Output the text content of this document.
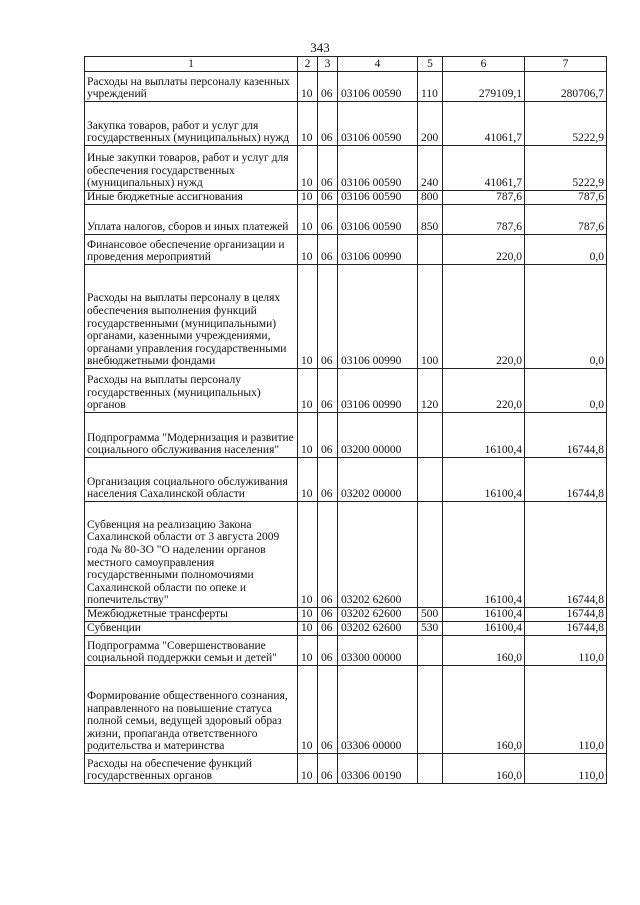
343
1	2	3	4	5	6	7
Расходы на выплаты персоналу казенных учреждений	10	06	03106 00590	110	279109,1	280706,7
Закупка товаров, работ и услуг для государственных (муниципальных) нужд	10	06	03106 00590	200	41061,7	5222,9
Иные закупки товаров, работ и услуг для обеспечения государственных (муниципальных) нужд	10	06	03106 00590	240	41061,7	5222,9
Иные бюджетные ассигнования	10	06	03106 00590	800	787,6	787,6
Уплата налогов, сборов и иных платежей	10	06	03106 00590	850	787,6	787,6
Финансовое обеспечение организации и проведения мероприятий	10	06	03106 00990		220,0	0,0
Расходы на выплаты персоналу в целях обеспечения выполнения функций государственными (муниципальными) органами, казенными учреждениями, органами управления государственными внебюджетными фондами	10	06	03106 00990	100	220,0	0,0
Расходы на выплаты персоналу государственных (муниципальных) органов	10	06	03106 00990	120	220,0	0,0
Подпрограмма "Модернизация и развитие социального обслуживания населения"	10	06	03200 00000		16100,4	16744,8
Организация социального обслуживания населения Сахалинской области	10	06	03202 00000		16100,4	16744,8
Субвенция на реализацию Закона Сахалинской области от 3 августа 2009 года № 80-ЗО "О наделении органов местного самоуправления государственными полномочиями Сахалинской области по опеке и попечительству"	10	06	03202 62600		16100,4	16744,8
Межбюджетные трансферты	10	06	03202 62600	500	16100,4	16744,8
Субвенции	10	06	03202 62600	530	16100,4	16744,8
Подпрограмма "Совершенствование социальной поддержки семьи и детей"	10	06	03300 00000		160,0	110,0
Формирование общественного сознания, направленного на повышение статуса полной семьи, ведущей здоровый образ жизни, пропаганда ответственного родительства и материнства	10	06	03306 00000		160,0	110,0
Расходы на обеспечение функций государственных органов	10	06	03306 00190		160,0	110,0
